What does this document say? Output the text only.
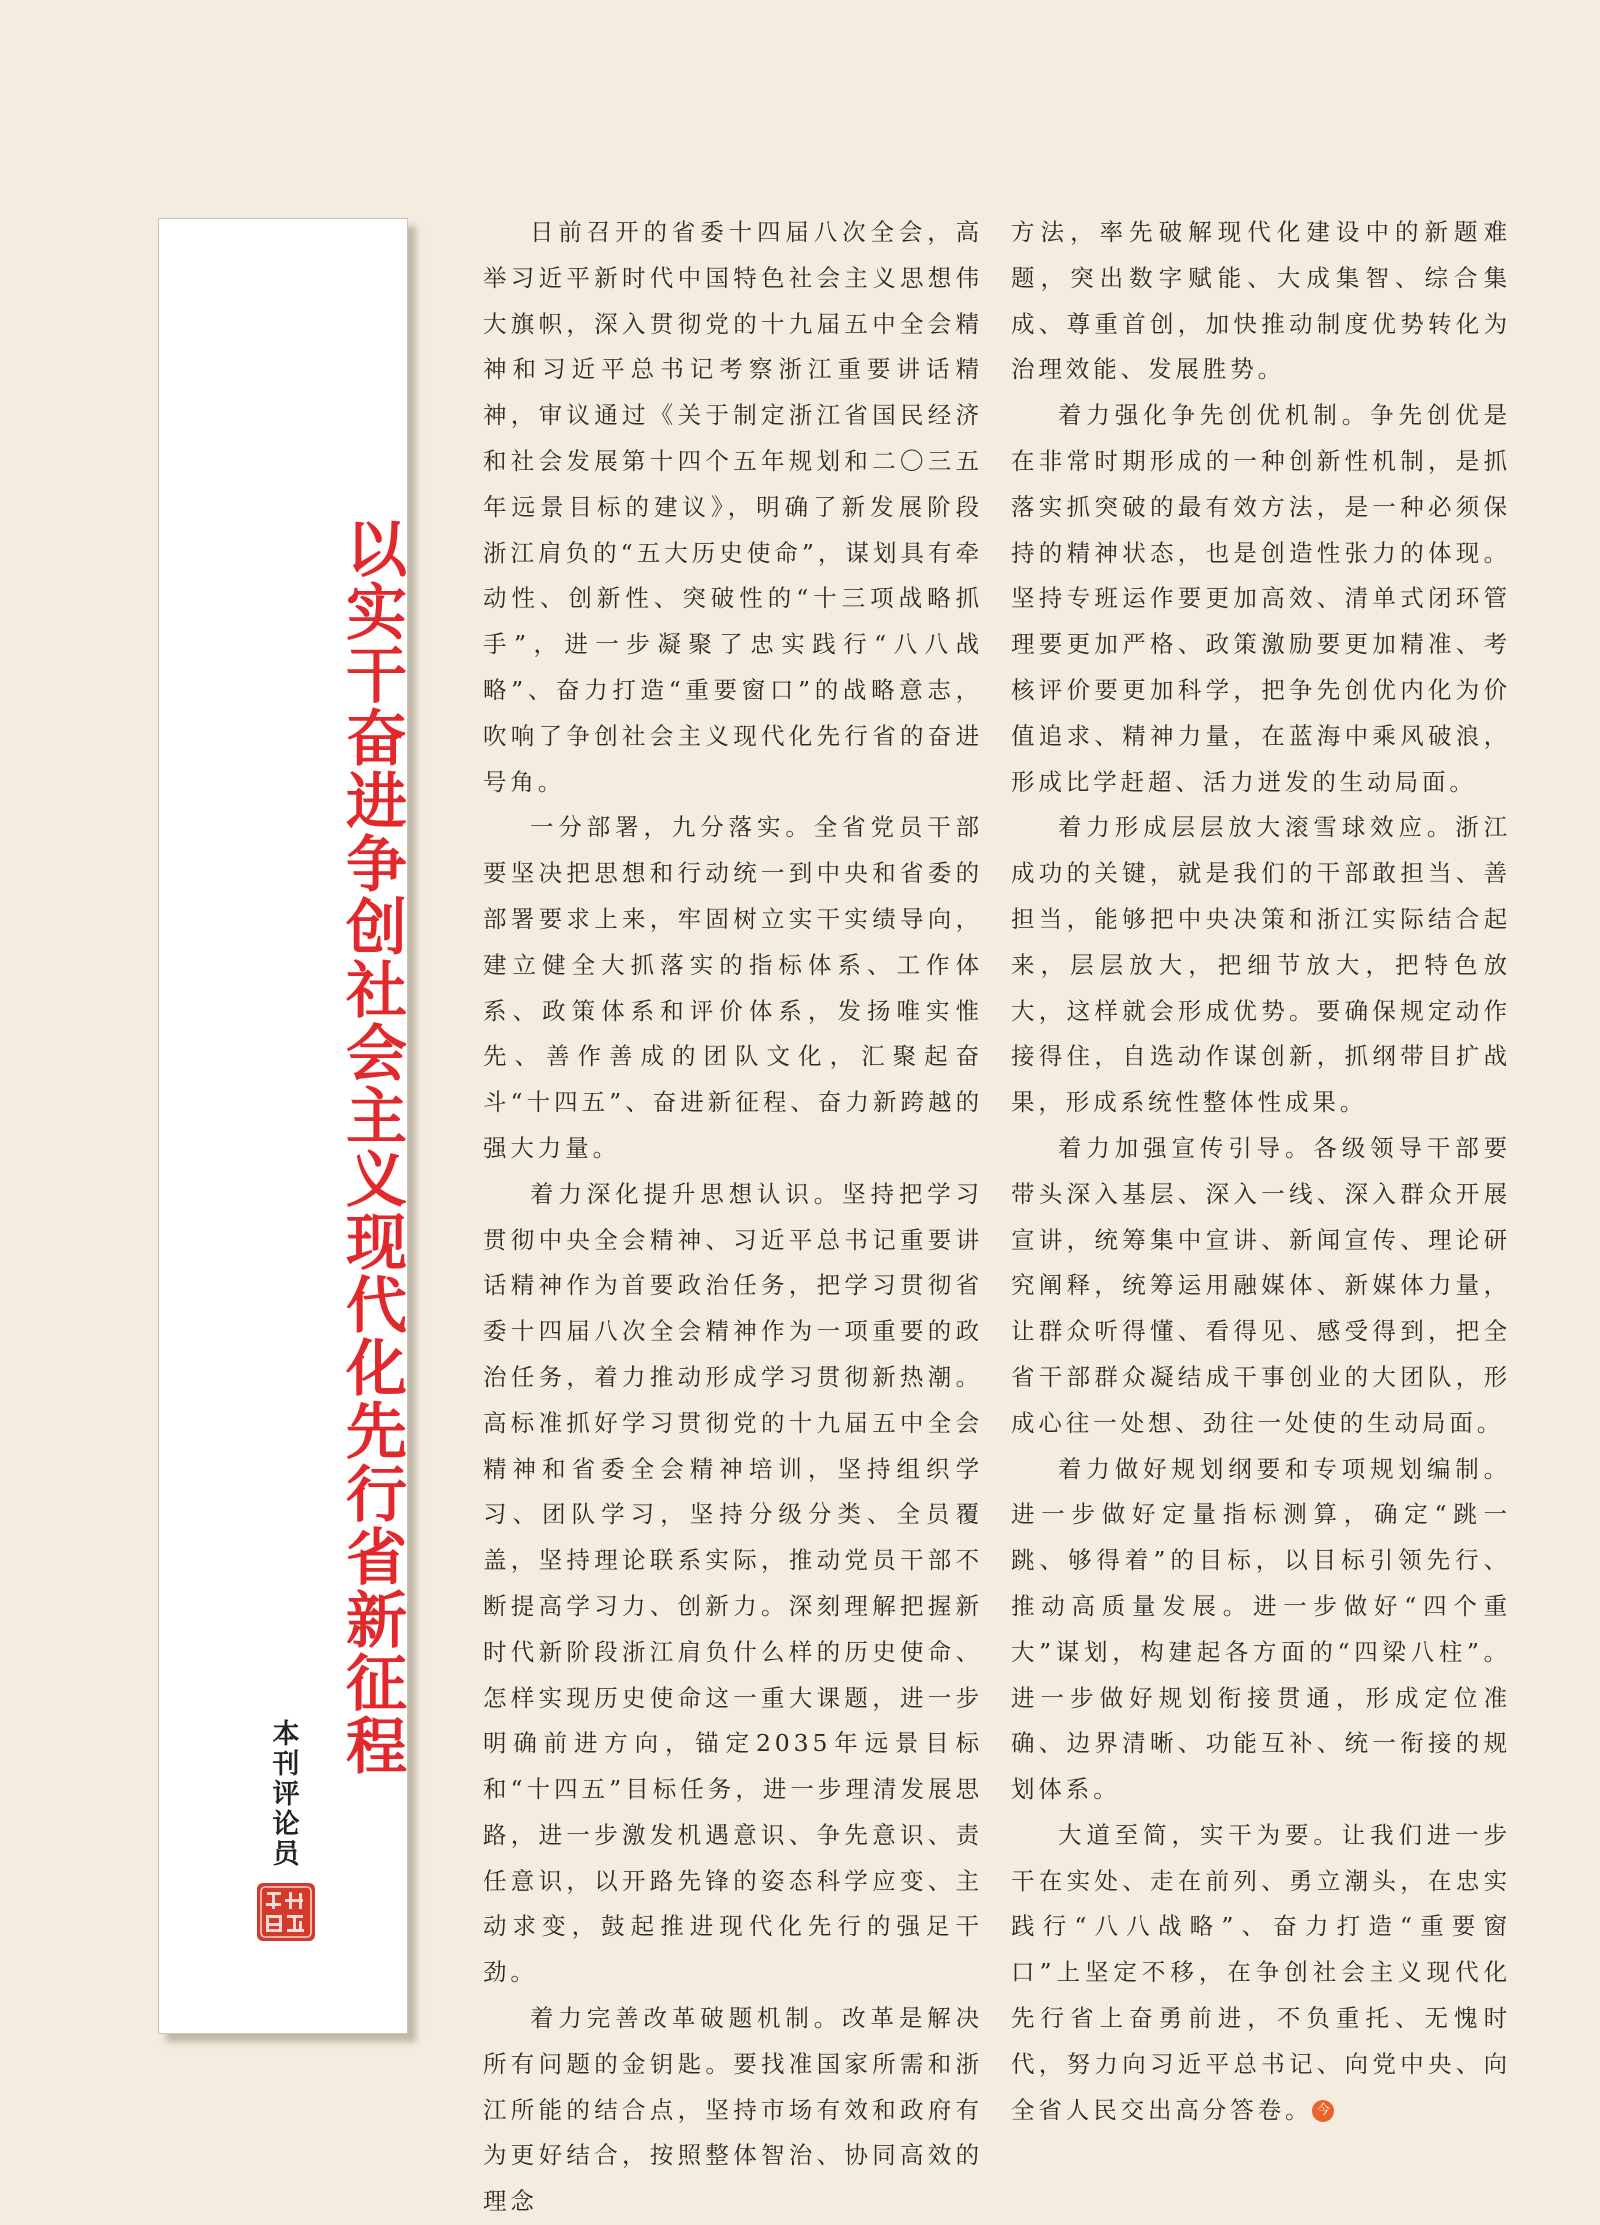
以实干奋进争创社会主义现代化先行省新征程
本刊评论员

日前召开的省委十四届八次全会，高举习近平新时代中国特色社会主义思想伟大旗帜，深入贯彻党的十九届五中全会精神和习近平总书记考察浙江重要讲话精神，审议通过《关于制定浙江省国民经济和社会发展第十四个五年规划和二〇三五年远景目标的建议》，明确了新发展阶段浙江肩负的“五大历史使命”，谋划具有牵动性、创新性、突破性的“十三项战略抓手”，进一步凝聚了忠实践行“八八战略”、奋力打造“重要窗口”的战略意志，吹响了争创社会主义现代化先行省的奋进号角。

一分部署，九分落实。全省党员干部要坚决把思想和行动统一到中央和省委的部署要求上来，牢固树立实干实绩导向，建立健全大抓落实的指标体系、工作体系、政策体系和评价体系，发扬唯实惟先、善作善成的团队文化，汇聚起奋斗“十四五”、奋进新征程、奋力新跨越的强大力量。

着力深化提升思想认识。坚持把学习贯彻中央全会精神、习近平总书记重要讲话精神作为首要政治任务，把学习贯彻省委十四届八次全会精神作为一项重要的政治任务，着力推动形成学习贯彻新热潮。高标准抓好学习贯彻党的十九届五中全会精神和省委全会精神培训，坚持组织学习、团队学习，坚持分级分类、全员覆盖，坚持理论联系实际，推动党员干部不断提高学习力、创新力。深刻理解把握新时代新阶段浙江肩负什么样的历史使命、怎样实现历史使命这一重大课题，进一步明确前进方向，锚定2035年远景目标和“十四五”目标任务，进一步理清发展思路，进一步激发机遇意识、争先意识、责任意识，以开路先锋的姿态科学应变、主动求变，鼓起推进现代化先行的强足干劲。

着力完善改革破题机制。改革是解决所有问题的金钥匙。要找准国家所需和浙江所能的结合点，坚持市场有效和政府有为更好结合，按照整体智治、协同高效的理念

方法，率先破解现代化建设中的新题难题，突出数字赋能、大成集智、综合集成、尊重首创，加快推动制度优势转化为治理效能、发展胜势。

着力强化争先创优机制。争先创优是在非常时期形成的一种创新性机制，是抓落实抓突破的最有效方法，是一种必须保持的精神状态，也是创造性张力的体现。坚持专班运作要更加高效、清单式闭环管理要更加严格、政策激励要更加精准、考核评价要更加科学，把争先创优内化为价值追求、精神力量，在蓝海中乘风破浪，形成比学赶超、活力迸发的生动局面。

着力形成层层放大滚雪球效应。浙江成功的关键，就是我们的干部敢担当、善担当，能够把中央决策和浙江实际结合起来，层层放大，把细节放大，把特色放大，这样就会形成优势。要确保规定动作接得住，自选动作谋创新，抓纲带目扩战果，形成系统性整体性成果。

着力加强宣传引导。各级领导干部要带头深入基层、深入一线、深入群众开展宣讲，统筹集中宣讲、新闻宣传、理论研究阐释，统筹运用融媒体、新媒体力量，让群众听得懂、看得见、感受得到，把全省干部群众凝结成干事创业的大团队，形成心往一处想、劲往一处使的生动局面。

着力做好规划纲要和专项规划编制。进一步做好定量指标测算，确定“跳一跳、够得着”的目标，以目标引领先行、推动高质量发展。进一步做好“四个重大”谋划，构建起各方面的“四梁八柱”。进一步做好规划衔接贯通，形成定位准确、边界清晰、功能互补、统一衔接的规划体系。

大道至简，实干为要。让我们进一步干在实处、走在前列、勇立潮头，在忠实践行“八八战略”、奋力打造“重要窗口”上坚定不移，在争创社会主义现代化先行省上奋勇前进，不负重托、无愧时代，努力向习近平总书记、向党中央、向全省人民交出高分答卷。 今
